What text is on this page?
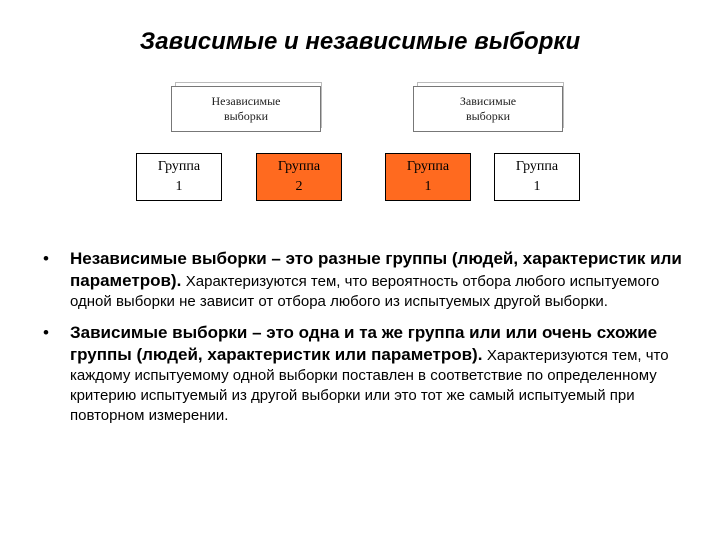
Зависимые и независимые выборки
Независимые
выборки
Зависимые
выборки
Группа
1
Группа
2
Группа
1
Группа
1
• Независимые выборки – это разные группы (людей, характеристик или параметров). Характеризуются тем, что вероятность отбора любого испытуемого одной выборки не зависит от отбора любого из испытуемых другой выборки.
• Зависимые выборки – это одна и та же группа или или очень схожие группы (людей, характеристик или параметров). Характеризуются тем, что каждому испытуемому одной выборки поставлен в соответствие по определенному критерию испытуемый из другой выборки или это тот же самый испытуемый при повторном измерении.
